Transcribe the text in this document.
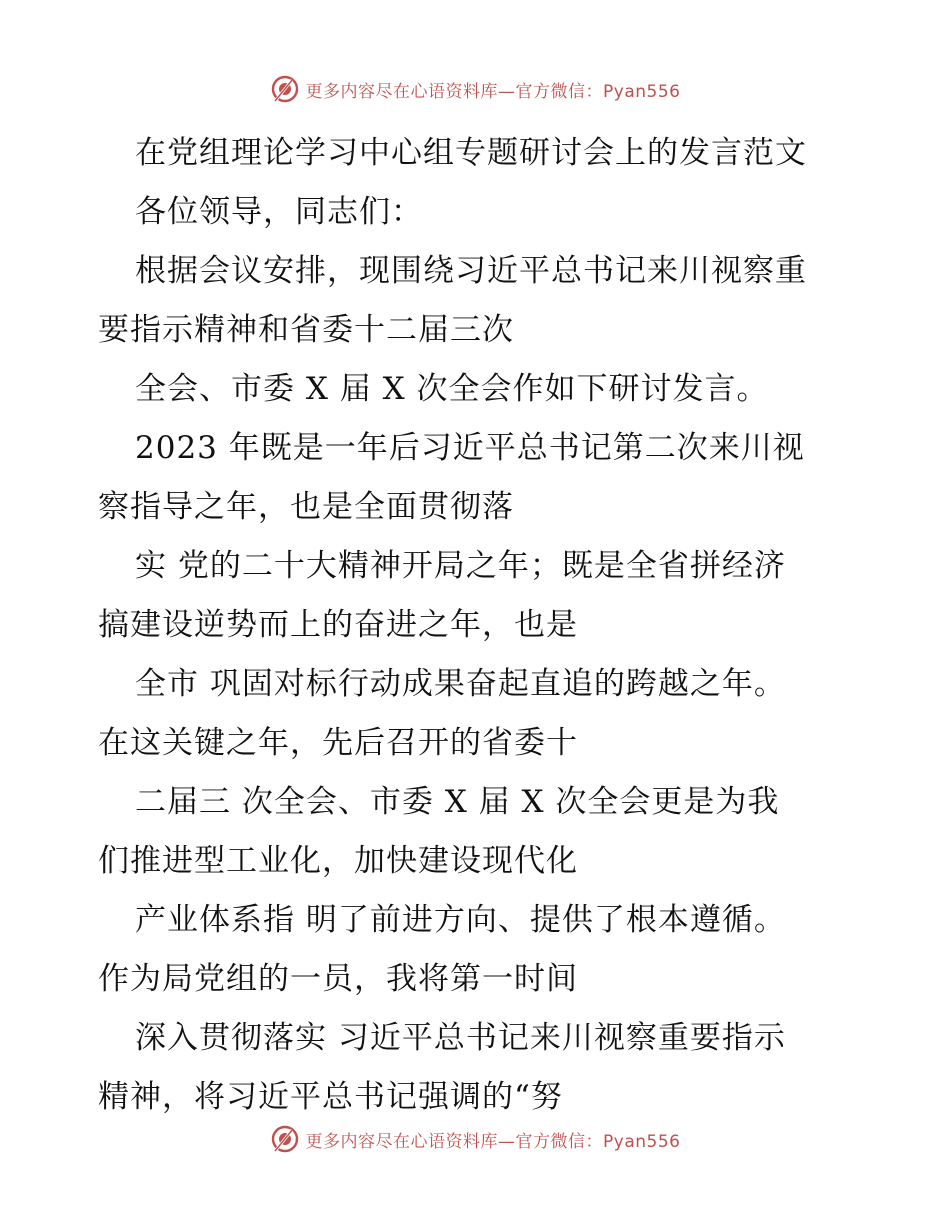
更多内容尽在心语资料库—官方微信：Pyan556
在党组理论学习中心组专题研讨会上的发言范文
各位领导，同志们：
根据会议安排，现围绕习近平总书记来川视察重
要指示精神和省委十二届三次
全会、市委 X 届 X 次全会作如下研讨发言。
2023 年既是一年后习近平总书记第二次来川视
察指导之年，也是全面贯彻落
实 党的二十大精神开局之年；既是全省拼经济
搞建设逆势而上的奋进之年，也是
全市 巩固对标行动成果奋起直追的跨越之年。
在这关键之年，先后召开的省委十
二届三 次全会、市委 X 届 X 次全会更是为我
们推进型工业化，加快建设现代化
产业体系指 明了前进方向、提供了根本遵循。
作为局党组的一员，我将第一时间
深入贯彻落实 习近平总书记来川视察重要指示
精神，将习近平总书记强调的“努
更多内容尽在心语资料库—官方微信：Pyan556
